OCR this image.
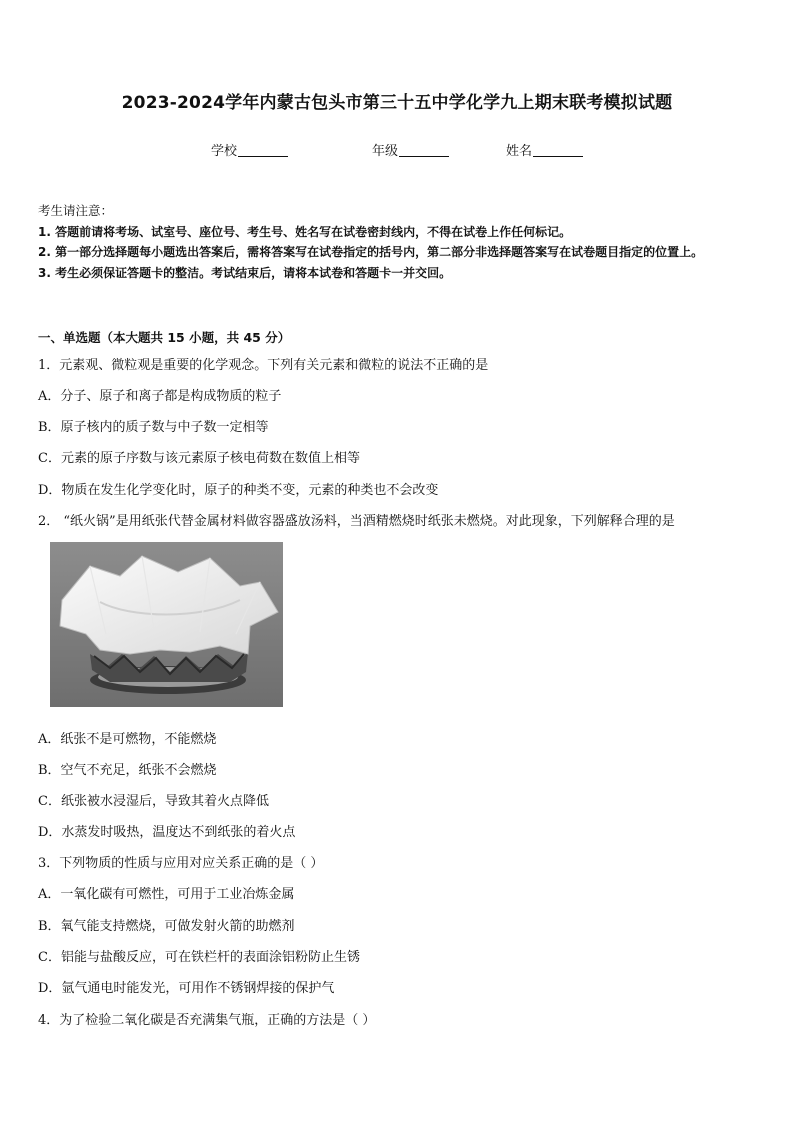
2023-2024学年内蒙古包头市第三十五中学化学九上期末联考模拟试题
学校	年级	姓名
考生请注意：
1. 答题前请将考场、试室号、座位号、考生号、姓名写在试卷密封线内，不得在试卷上作任何标记。
2. 第一部分选择题每小题选出答案后，需将答案写在试卷指定的括号内，第二部分非选择题答案写在试卷题目指定的位置上。
3. 考生必须保证答题卡的整洁。考试结束后，请将本试卷和答题卡一并交回。
一、单选题（本大题共 15 小题，共 45 分）
1．元素观、微粒观是重要的化学观念。下列有关元素和微粒的说法不正确的是
A．分子、原子和离子都是构成物质的粒子
B．原子核内的质子数与中子数一定相等
C．元素的原子序数与该元素原子核电荷数在数值上相等
D．物质在发生化学变化时，原子的种类不变，元素的种类也不会改变
2． “纸火锅”是用纸张代替金属材料做容器盛放汤料，当酒精燃烧时纸张未燃烧。对此现象，下列解释合理的是
A．纸张不是可燃物，不能燃烧
B．空气不充足，纸张不会燃烧
C．纸张被水浸湿后，导致其着火点降低
D．水蒸发时吸热，温度达不到纸张的着火点
3．下列物质的性质与应用对应关系正确的是（ ）
A．一氧化碳有可燃性，可用于工业冶炼金属
B．氧气能支持燃烧，可做发射火箭的助燃剂
C．铝能与盐酸反应，可在铁栏杆的表面涂铝粉防止生锈
D．氩气通电时能发光，可用作不锈钢焊接的保护气
4．为了检验二氧化碳是否充满集气瓶，正确的方法是（ ）
